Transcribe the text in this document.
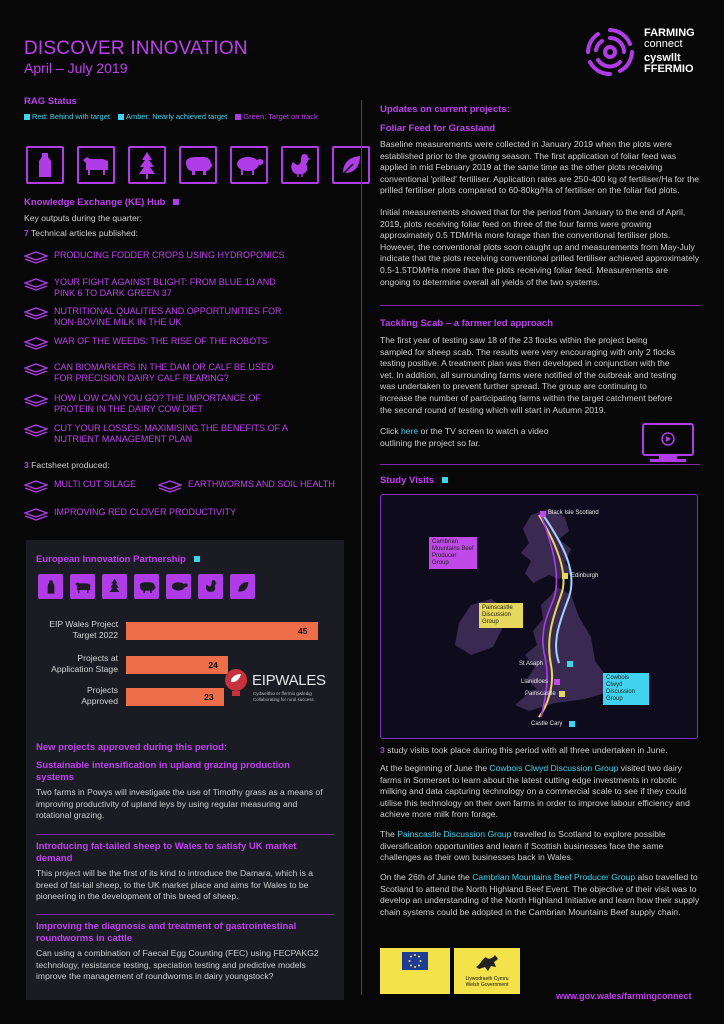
DISCOVER INNOVATION
April – July 2019
FARMING
connect
cyswllt
FFERMIO
RAG Status
Red: Behind with target	Amber: Nearly achieved target	Green: Target on track
Knowledge Exchange (KE) Hub
Key outputs during the quarter:
7 Technical articles published:
PRODUCING FODDER CROPS USING HYDROPONICS
YOUR FIGHT AGAINST BLIGHT: FROM BLUE 13 AND PINK 6 TO DARK GREEN 37
NUTRITIONAL QUALITIES AND OPPORTUNITIES FOR NON-BOVINE MILK IN THE UK
WAR OF THE WEEDS: THE RISE OF THE ROBOTS
CAN BIOMARKERS IN THE DAM OR CALF BE USED FOR PRECISION DAIRY CALF REARING?
HOW LOW CAN YOU GO? THE IMPORTANCE OF PROTEIN IN THE DAIRY COW DIET
CUT YOUR LOSSES: MAXIMISING THE BENEFITS OF A NUTRIENT MANAGEMENT PLAN
3 Factsheet produced:
MULTI CUT SILAGE	EARTHWORMS AND SOIL HEALTH
IMPROVING RED CLOVER PRODUCTIVITY
European Innovation Partnership
EIP Wales Project
Target 2022
Projects at
Application Stage
Projects
Approved
45
24
23
EIPWALES
Cydweithio er ffermio gwledig
Collaborating for rural success
New projects approved during this period:
Sustainable intensification in upland grazing production systems
Two farms in Powys will investigate the use of Timothy grass as a means of improving productivity of upland leys by using regular measuring and rotational grazing.
Introducing fat-tailed sheep to Wales to satisfy UK market demand
This project will be the first of its kind to introduce the Damara, which is a breed of fat-tail sheep, to the UK market place and aims for Wales to be pioneering in the development of this breed of sheep.
Improving the diagnosis and treatment of gastrointestinal roundworms in cattle
Can using a combination of Faecal Egg Counting (FEC) using FECPAKG2 technology, resistance testing, speciation testing and predictive models improve the management of roundworms in dairy youngstock?
Updates on current projects:
Foliar Feed for Grassland
Baseline measurements were collected in January 2019 when the plots were established prior to the growing season. The first application of foliar feed was applied in mid February 2019 at the same time as the other plots receiving conventional 'prilled' fertiliser. Application rates are 250-400 kg of fertiliser/Ha for the prilled fertiliser plots compared to 60-80kg/Ha of fertiliser on the foliar fed plots.
Initial measurements showed that for the period from January to the end of April, 2019, plots receiving foliar feed on three of the four farms were growing approximately 0.5 TDM/Ha more forage than the conventional fertiliser plots. However, the conventional plots soon caught up and measurements from May-July indicate that the plots receiving conventional prilled fertiliser achieved approximately 0.5-1.5TDM/Ha more than the plots receiving foliar feed. Measurements are ongoing to determine overall all yields of the two systems.
Tackling Scab – a farmer led approach
The first year of testing saw 18 of the 23 flocks within the project being sampled for sheep scab. The results were very encouraging with only 2 flocks testing positive. A treatment plan was then developed in conjunction with the vet. In addition, all surrounding farms were notified of the outbreak and testing was undertaken to prevent further spread. The group are continuing to increase the number of participating farms within the target catchment before the second round of testing which will start in Autumn 2019.
Click here or the TV screen to watch a video
outlining the project so far.
Study Visits
Black Isle Scotland
Edinburgh
St Asaph
Llanidloes
Painscastle
Castle Cary
Cambrian Mountains Beef Producer Group
Painscastle Discussion Group
Cowbois Clwyd Discussion Group
3 study visits took place during this period with all three undertaken in June.
At the beginning of June the Cowbois Clwyd Discussion Group visited two dairy farms in Somerset to learn about the latest cutting edge investments in robotic milking and data capturing technology on a commercial scale to see if they could utilise this technology on their own farms in order to improve labour efficiency and achieve more milk from forage.
The Painscastle Discussion Group travelled to Scotland to explore possible diversification opportunities and learn if Scottish businesses face the same challenges as their own businesses back in Wales.
On the 26th of June the Cambrian Mountains Beef Producer Group also travelled to Scotland to attend the North Highland Beef Event. The objective of their visit was to develop an understanding of the North Highland Initiative and learn how their supply chain systems could be adopted in the Cambrian Mountains Beef supply chain.
Llywodraeth Cymru
Welsh Government
www.gov.wales/farmingconnect
